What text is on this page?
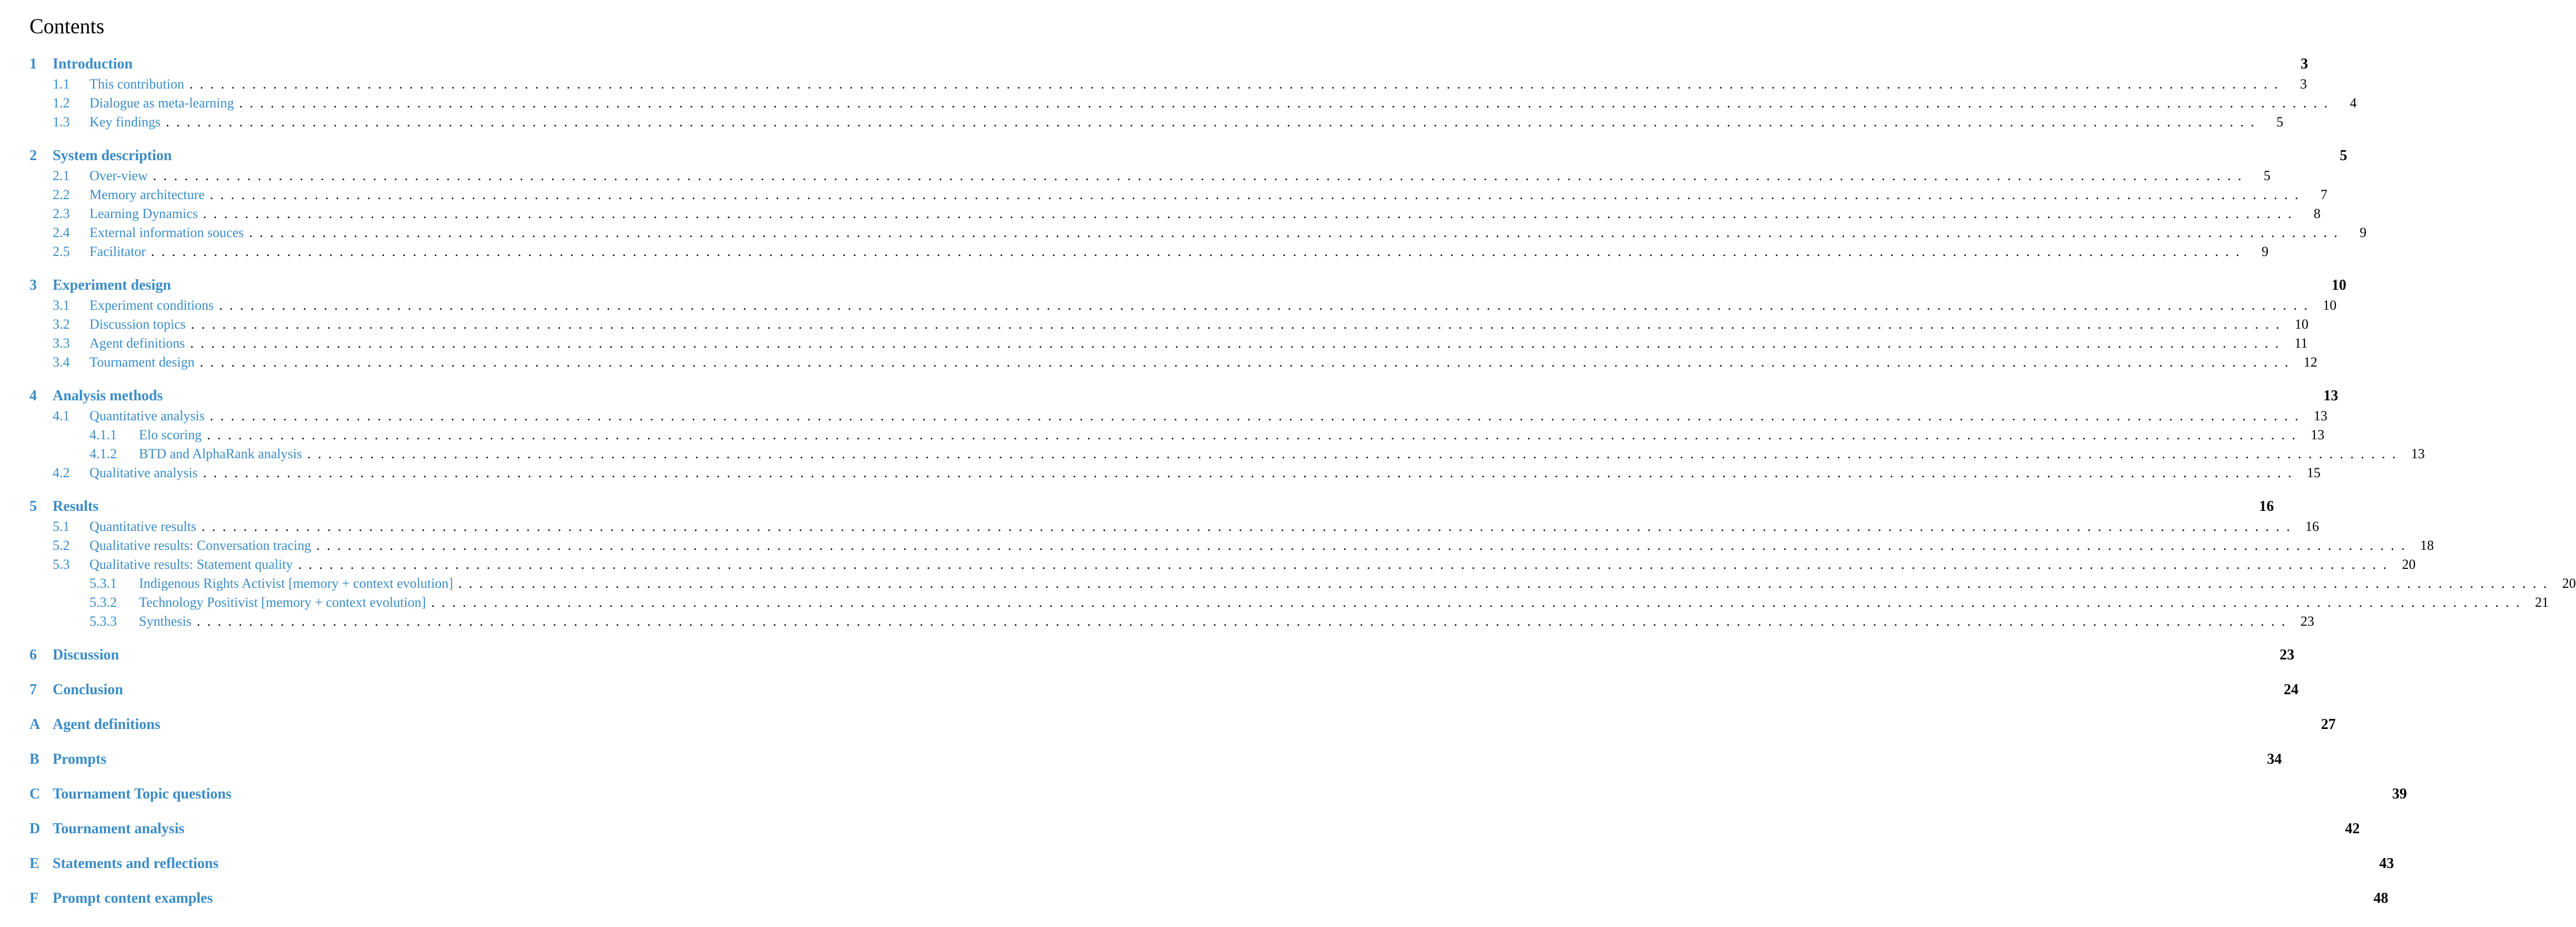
Contents
1	Introduction	3
1.1	This contribution ........................................................................................................................................................................................................	3
1.2	Dialogue as meta-learning ........................................................................................................................................................................................................	4
1.3	Key findings ........................................................................................................................................................................................................	5
2	System description	5
2.1	Over-view ........................................................................................................................................................................................................	5
2.2	Memory architecture ........................................................................................................................................................................................................	7
2.3	Learning Dynamics ........................................................................................................................................................................................................	8
2.4	External information souces ........................................................................................................................................................................................................	9
2.5	Facilitator ........................................................................................................................................................................................................	9
3	Experiment design	10
3.1	Experiment conditions ........................................................................................................................................................................................................ 10
3.2	Discussion topics ........................................................................................................................................................................................................ 10
3.3	Agent definitions ........................................................................................................................................................................................................ 11
3.4	Tournament design ........................................................................................................................................................................................................ 12
4	Analysis methods	13
4.1	Quantitative analysis ........................................................................................................................................................................................................ 13
4.1.1	Elo scoring ........................................................................................................................................................................................................ 13
4.1.2	BTD and AlphaRank analysis ........................................................................................................................................................................................................ 13
4.2	Qualitative analysis ........................................................................................................................................................................................................ 15
5	Results	16
5.1	Quantitative results ........................................................................................................................................................................................................ 16
5.2	Qualitative results: Conversation tracing ........................................................................................................................................................................................................ 18
5.3	Qualitative results: Statement quality ........................................................................................................................................................................................................ 20
5.3.1	Indigenous Rights Activist [memory + context evolution] ........................................................................................................................................................................................................ 20
5.3.2	Technology Positivist [memory + context evolution] ........................................................................................................................................................................................................ 21
5.3.3	Synthesis ........................................................................................................................................................................................................ 23
6	Discussion	23
7	Conclusion	24
A Agent definitions	27
B Prompts	34
C Tournament Topic questions	39
D Tournament analysis	42
E Statements and reflections	43
F Prompt content examples	48
